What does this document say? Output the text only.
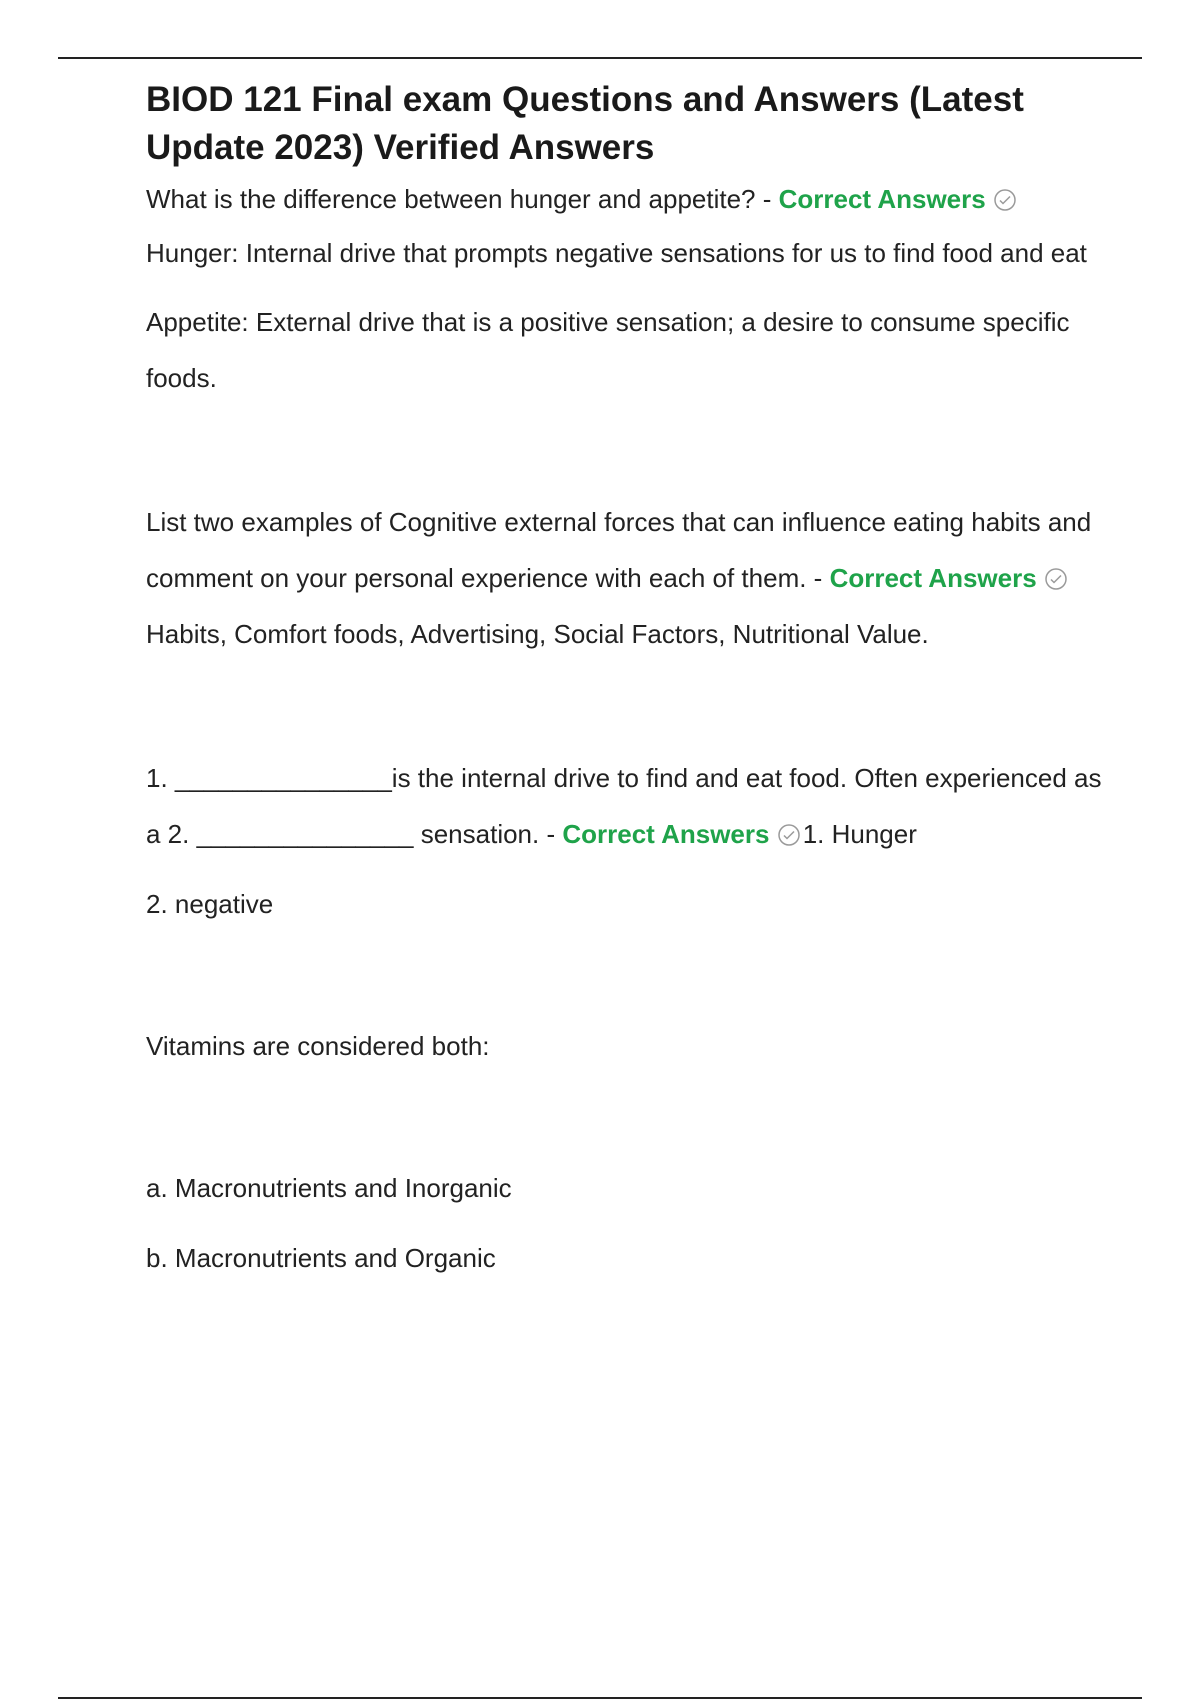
BIOD 121 Final exam Questions and Answers (Latest Update 2023) Verified Answers

What is the difference between hunger and appetite? - Correct Answers Hunger: Internal drive that prompts negative sensations for us to find food and eat

Appetite: External drive that is a positive sensation; a desire to consume specific foods.

List two examples of Cognitive external forces that can influence eating habits and comment on your personal experience with each of them. - Correct Answers Habits, Comfort foods, Advertising, Social Factors, Nutritional Value.

1. _______________is the internal drive to find and eat food. Often experienced as a 2. _______________ sensation. - Correct Answers 1. Hunger

2. negative

Vitamins are considered both:

a. Macronutrients and Inorganic

b. Macronutrients and Organic
